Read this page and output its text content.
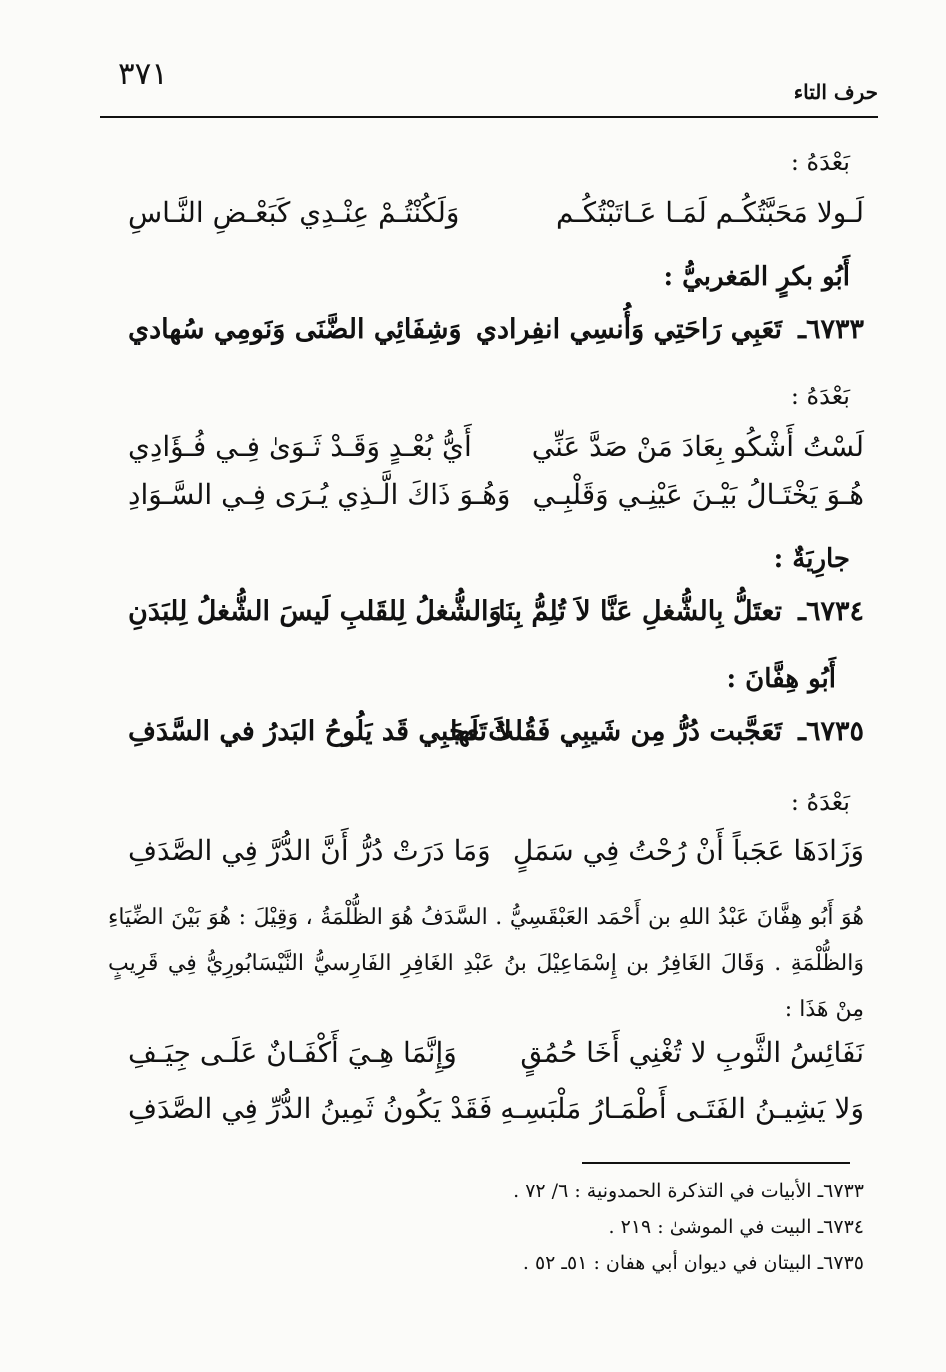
٣٧١	حرف التاء
بَعْدَهُ :
لَـولا مَحَبَّتُكُـم لَمَـا عَـاتَبْتُكُـم
وَلَكُنْتُـمْ عِنْـدِي كَبَعْـضِ النَّـاسِ
أَبُو بكرٍ المَغربيُّ :
٦٧٣٣ـ
تَعَبِي رَاحَتِي وَأُنسِي انفِرادي
وَشِفَائِي الضَّنَى وَنَومِي سُهادي
بَعْدَهُ :
لَسْتُ أَشْكُو بِعَادَ مَنْ صَدَّ عَنِّي
أَيُّ بُعْـدٍ وَقَـدْ ثَـوَىٰ فِـي فُـؤَادِي
هُـوَ يَخْتَـالُ بَيْـنَ عَيْنِـي وَقَلْبِـي
وَهُـوَ ذَاكَ الَّـذِي يُـرَى فِـي السَّـوَادِ
جارِيَةٌ :
٦٧٣٤ـ
تعتَلُّ بِالشُّغلِ عَنَّا لاَ تُلِمُّ بِنَا
وَالشُّغلُ لِلقَلبِ لَيسَ الشُّغلُ لِلبَدَنِ
أَبُو هِفَّانَ :
٦٧٣٥ـ
تَعَجَّبت دُرُّ مِن شَيبِي فَقُلتُ لَها
لاَ تَعجَبِي قَد يَلُوحُ البَدرُ في السَّدَفِ
بَعْدَهُ :
وَزَادَهَا عَجَباً أَنْ رُحْتُ فِي سَمَلٍ
وَمَا دَرَتْ دُرُّ أَنَّ الدُّرَّ فِي الصَّدَفِ
هُوَ أَبُو هِفَّانَ عَبْدُ اللهِ بن أَحْمَد العَبْقَسِيُّ . السَّدَفُ هُوَ الظُّلْمَةُ ، وَقِيْلَ : هُوَ بَيْنَ الضِّيَاءِ وَالظُّلْمَةِ . وَقَالَ الغَافِرُ بن إِسْمَاعِيْلَ بنُ عَبْدِ الغَافِرِ الفَارِسيُّ النَّيْسَابُورِيُّ فِي قَرِيبٍ مِنْ هَذَا :
نَفَائِسُ الثَّوبِ لا تُغْنِي أَخَا حُمُقٍ
وَإِنَّمَا هِـيَ أَكْفَـانٌ عَلَـى جِيَـفِ
وَلا يَشِيـنُ الفَتَـى أَطْمَـارُ مَلْبَسِـهِ
فَقَدْ يَكُونُ ثَمِينُ الدُّرِّ فِي الصَّدَفِ
٦٧٣٣ـ الأبيات في التذكرة الحمدونية : ٦/ ٧٢ .
٦٧٣٤ـ البيت في الموشىٰ : ٢١٩ .
٦٧٣٥ـ البيتان في ديوان أبي هفان : ٥١ـ ٥٢ .
